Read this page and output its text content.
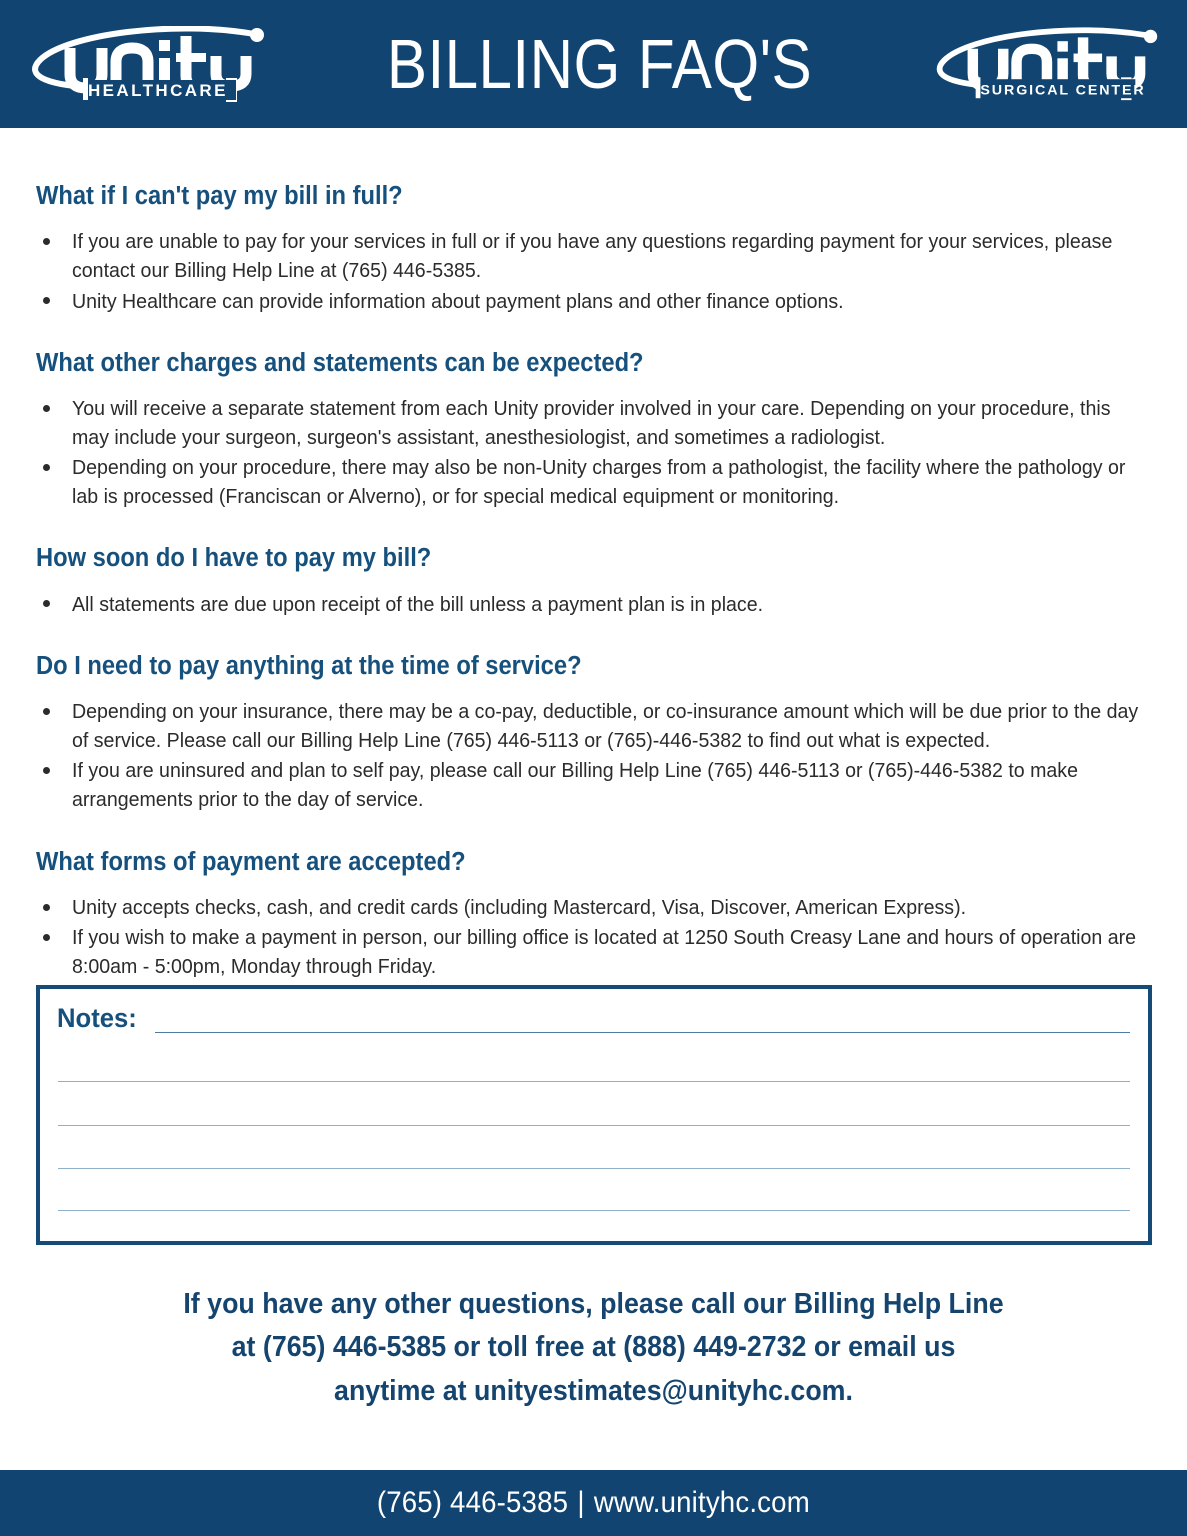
HEALTHCARE	BILLING FAQ'S	SURGICAL CENTER
What if I can't pay my bill in full?
If you are unable to pay for your services in full or if you have any questions regarding payment for your services, please contact our Billing Help Line at (765) 446-5385.
Unity Healthcare can provide information about payment plans and other finance options.
What other charges and statements can be expected?
You will receive a separate statement from each Unity provider involved in your care. Depending on your procedure, this may include your surgeon, surgeon's assistant, anesthesiologist, and sometimes a radiologist.
Depending on your procedure, there may also be non-Unity charges from a pathologist, the facility where the pathology or lab is processed (Franciscan or Alverno), or for special medical equipment or monitoring.
How soon do I have to pay my bill?
All statements are due upon receipt of the bill unless a payment plan is in place.
Do I need to pay anything at the time of service?
Depending on your insurance, there may be a co-pay, deductible, or co-insurance amount which will be due prior to the day of service. Please call our Billing Help Line (765) 446-5113 or (765)-446-5382 to find out what is expected.
If you are uninsured and plan to self pay, please call our Billing Help Line (765) 446-5113 or (765)-446-5382 to make arrangements prior to the day of service.
What forms of payment are accepted?
Unity accepts checks, cash, and credit cards (including Mastercard, Visa, Discover, American Express).
If you wish to make a payment in person, our billing office is located at 1250 South Creasy Lane and hours of operation are 8:00am - 5:00pm, Monday through Friday.
Notes:
If you have any other questions, please call our Billing Help Line
at (765) 446-5385 or toll free at (888) 449-2732 or email us
anytime at unityestimates@unityhc.com.
(765) 446-5385 | www.unityhc.com
